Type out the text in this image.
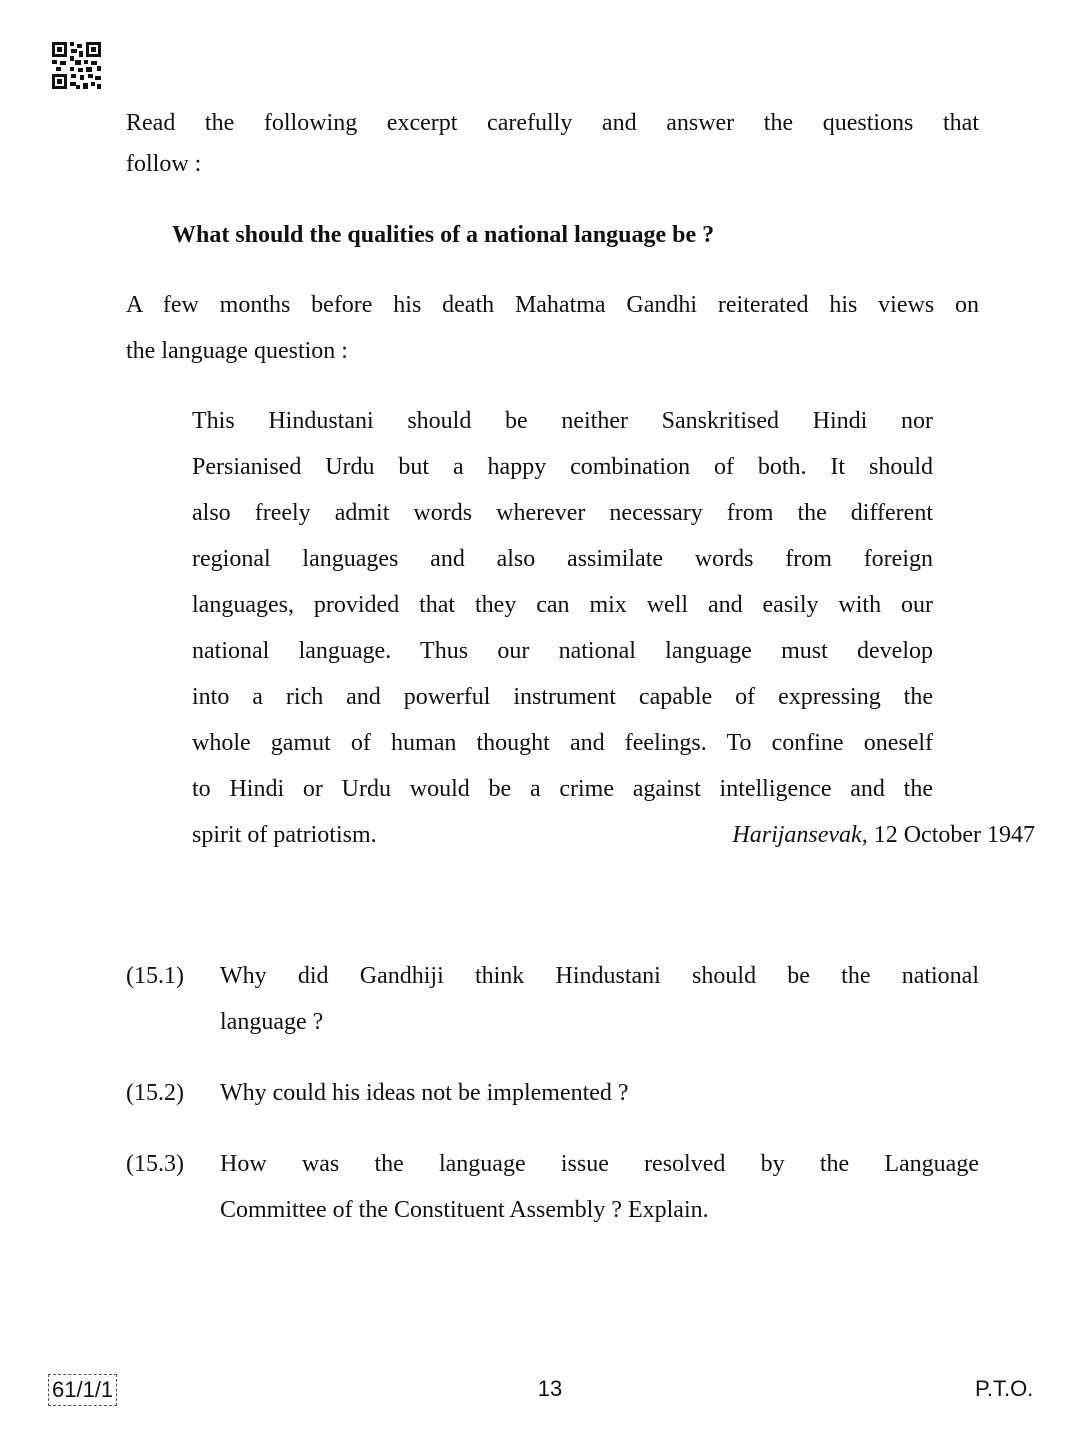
Read the following excerpt carefully and answer the questions that

follow :

What should the qualities of a national language be ?

A few months before his death Mahatma Gandhi reiterated his views on

the language question :

This Hindustani should be neither Sanskritised Hindi nor
Persianised Urdu but a happy combination of both. It should
also freely admit words wherever necessary from the different
regional languages and also assimilate words from foreign
languages, provided that they can mix well and easily with our
national language. Thus our national language must develop
into a rich and powerful instrument capable of expressing the
whole gamut of human thought and feelings. To confine oneself
to Hindi or Urdu would be a crime against intelligence and the
spirit of patriotism.	Harijansevak, 12 October 1947
(15.1) Why did Gandhiji think Hindustani should be the national
language ?
(15.2) Why could his ideas not be implemented ?
(15.3) How was the language issue resolved by the Language
Committee of the Constituent Assembly ? Explain.
61/1/1	13	P.T.O.
